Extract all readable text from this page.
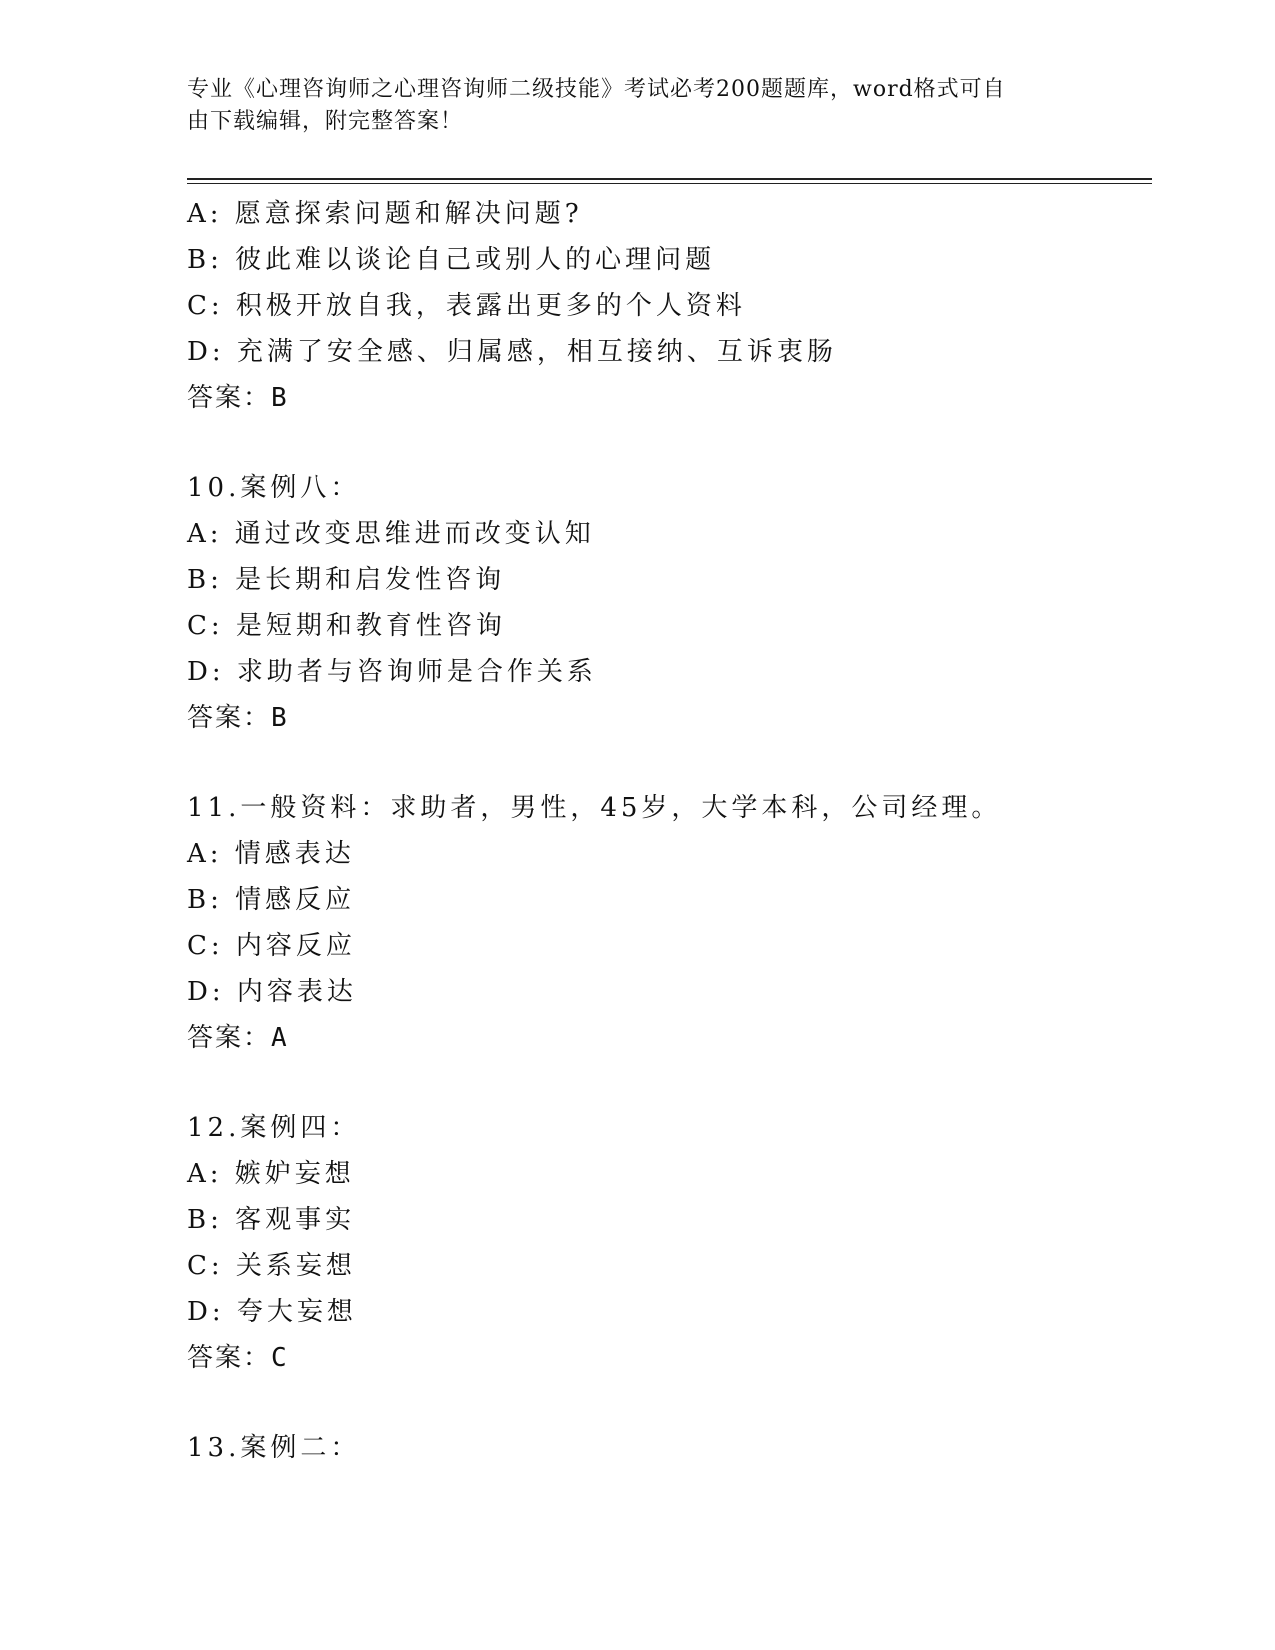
专业《心理咨询师之心理咨询师二级技能》考试必考200题题库，word格式可自
由下载编辑，附完整答案！
A: 愿意探索问题和解决问题?
B: 彼此难以谈论自己或别人的心理问题
C: 积极开放自我，表露出更多的个人资料
D: 充满了安全感、归属感，相互接纳、互诉衷肠
答案：B
10.案例八：
A: 通过改变思维进而改变认知
B: 是长期和启发性咨询
C: 是短期和教育性咨询
D: 求助者与咨询师是合作关系
答案：B
11.一般资料：求助者，男性，45岁，大学本科，公司经理。
A: 情感表达
B: 情感反应
C: 内容反应
D: 内容表达
答案：A
12.案例四：
A: 嫉妒妄想
B: 客观事实
C: 关系妄想
D: 夸大妄想
答案：C
13.案例二：
